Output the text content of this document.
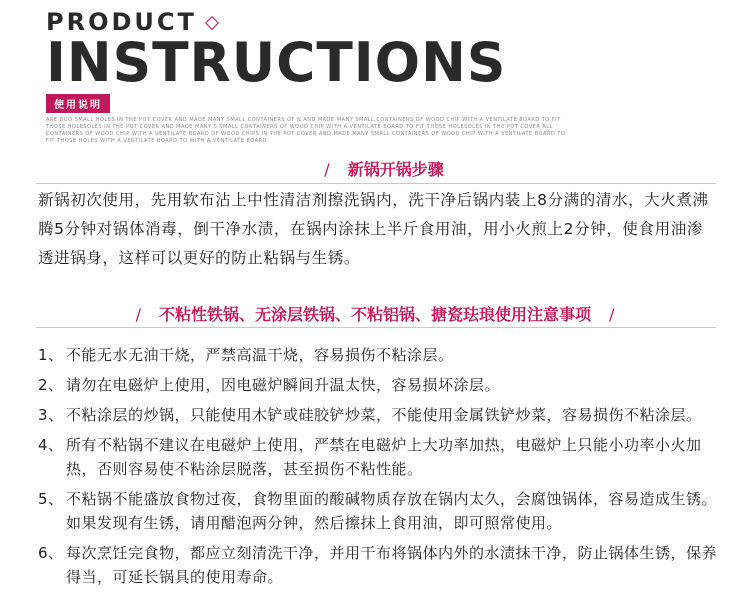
PRODUCT
INSTRUCTIONS
使用说明
ARE DUO SMALL HOLES IN THE POT COVER AND MADE MANY SMALL CONTAINERS OF N AND MADE MANY SMALL CONTAINERS OF WOOD CHIP WITH A VENTILATE BOARD TO FIT THOSE HOLESOLES IN THE POT COVER AND MADE MANY S SMALL CONTAINERS OF WOOD CHIP WITH A VENTILATE BOARD TO FIT THOSE HOLESOLES IN THE POT COVER ALL CONTAINERS OF WOOD CHIP WITH A VENTILATE BOARD OF WOOD CHIPS IN THE POT COVER AND MADE MANY SMALL CONTAINERS OF WOOD CHIP WITH A VENTILATE BOARD TO FIT THOSE HOLES WITH A VENTILATE BOARD TO WITH A VENTILATE BOARD
/ 新锅开锅步骤
新锅初次使用，先用软布沾上中性清洁剂擦洗锅内，洗干净后锅内装上8分满的清水，大火煮沸腾5分钟对锅体消毒，倒干净水渍，在锅内涂抹上半斤食用油，用小火煎上2分钟，使食用油渗透进锅身，这样可以更好的防止粘锅与生锈。
/ 不粘性铁锅、无涂层铁锅、不粘铝锅、搪瓷珐琅使用注意事项 /
1、 不能无水无油干烧，严禁高温干烧，容易损伤不粘涂层。
2、 请勿在电磁炉上使用，因电磁炉瞬间升温太快，容易损坏涂层。
3、 不粘涂层的炒锅，只能使用木铲或硅胶铲炒菜，不能使用金属铁铲炒菜，容易损伤不粘涂层。
4、 所有不粘锅不建议在电磁炉上使用，严禁在电磁炉上大功率加热，电磁炉上只能小功率小火加热，否则容易使不粘涂层脱落，甚至损伤不粘性能。
5、 不粘锅不能盛放食物过夜，食物里面的酸碱物质存放在锅内太久，会腐蚀锅体，容易造成生锈。如果发现有生锈，请用醋泡两分钟，然后擦抹上食用油，即可照常使用。
6、 每次烹饪完食物，都应立刻清洗干净，并用干布将锅体内外的水渍抹干净，防止锅体生锈，保养得当，可延长锅具的使用寿命。
